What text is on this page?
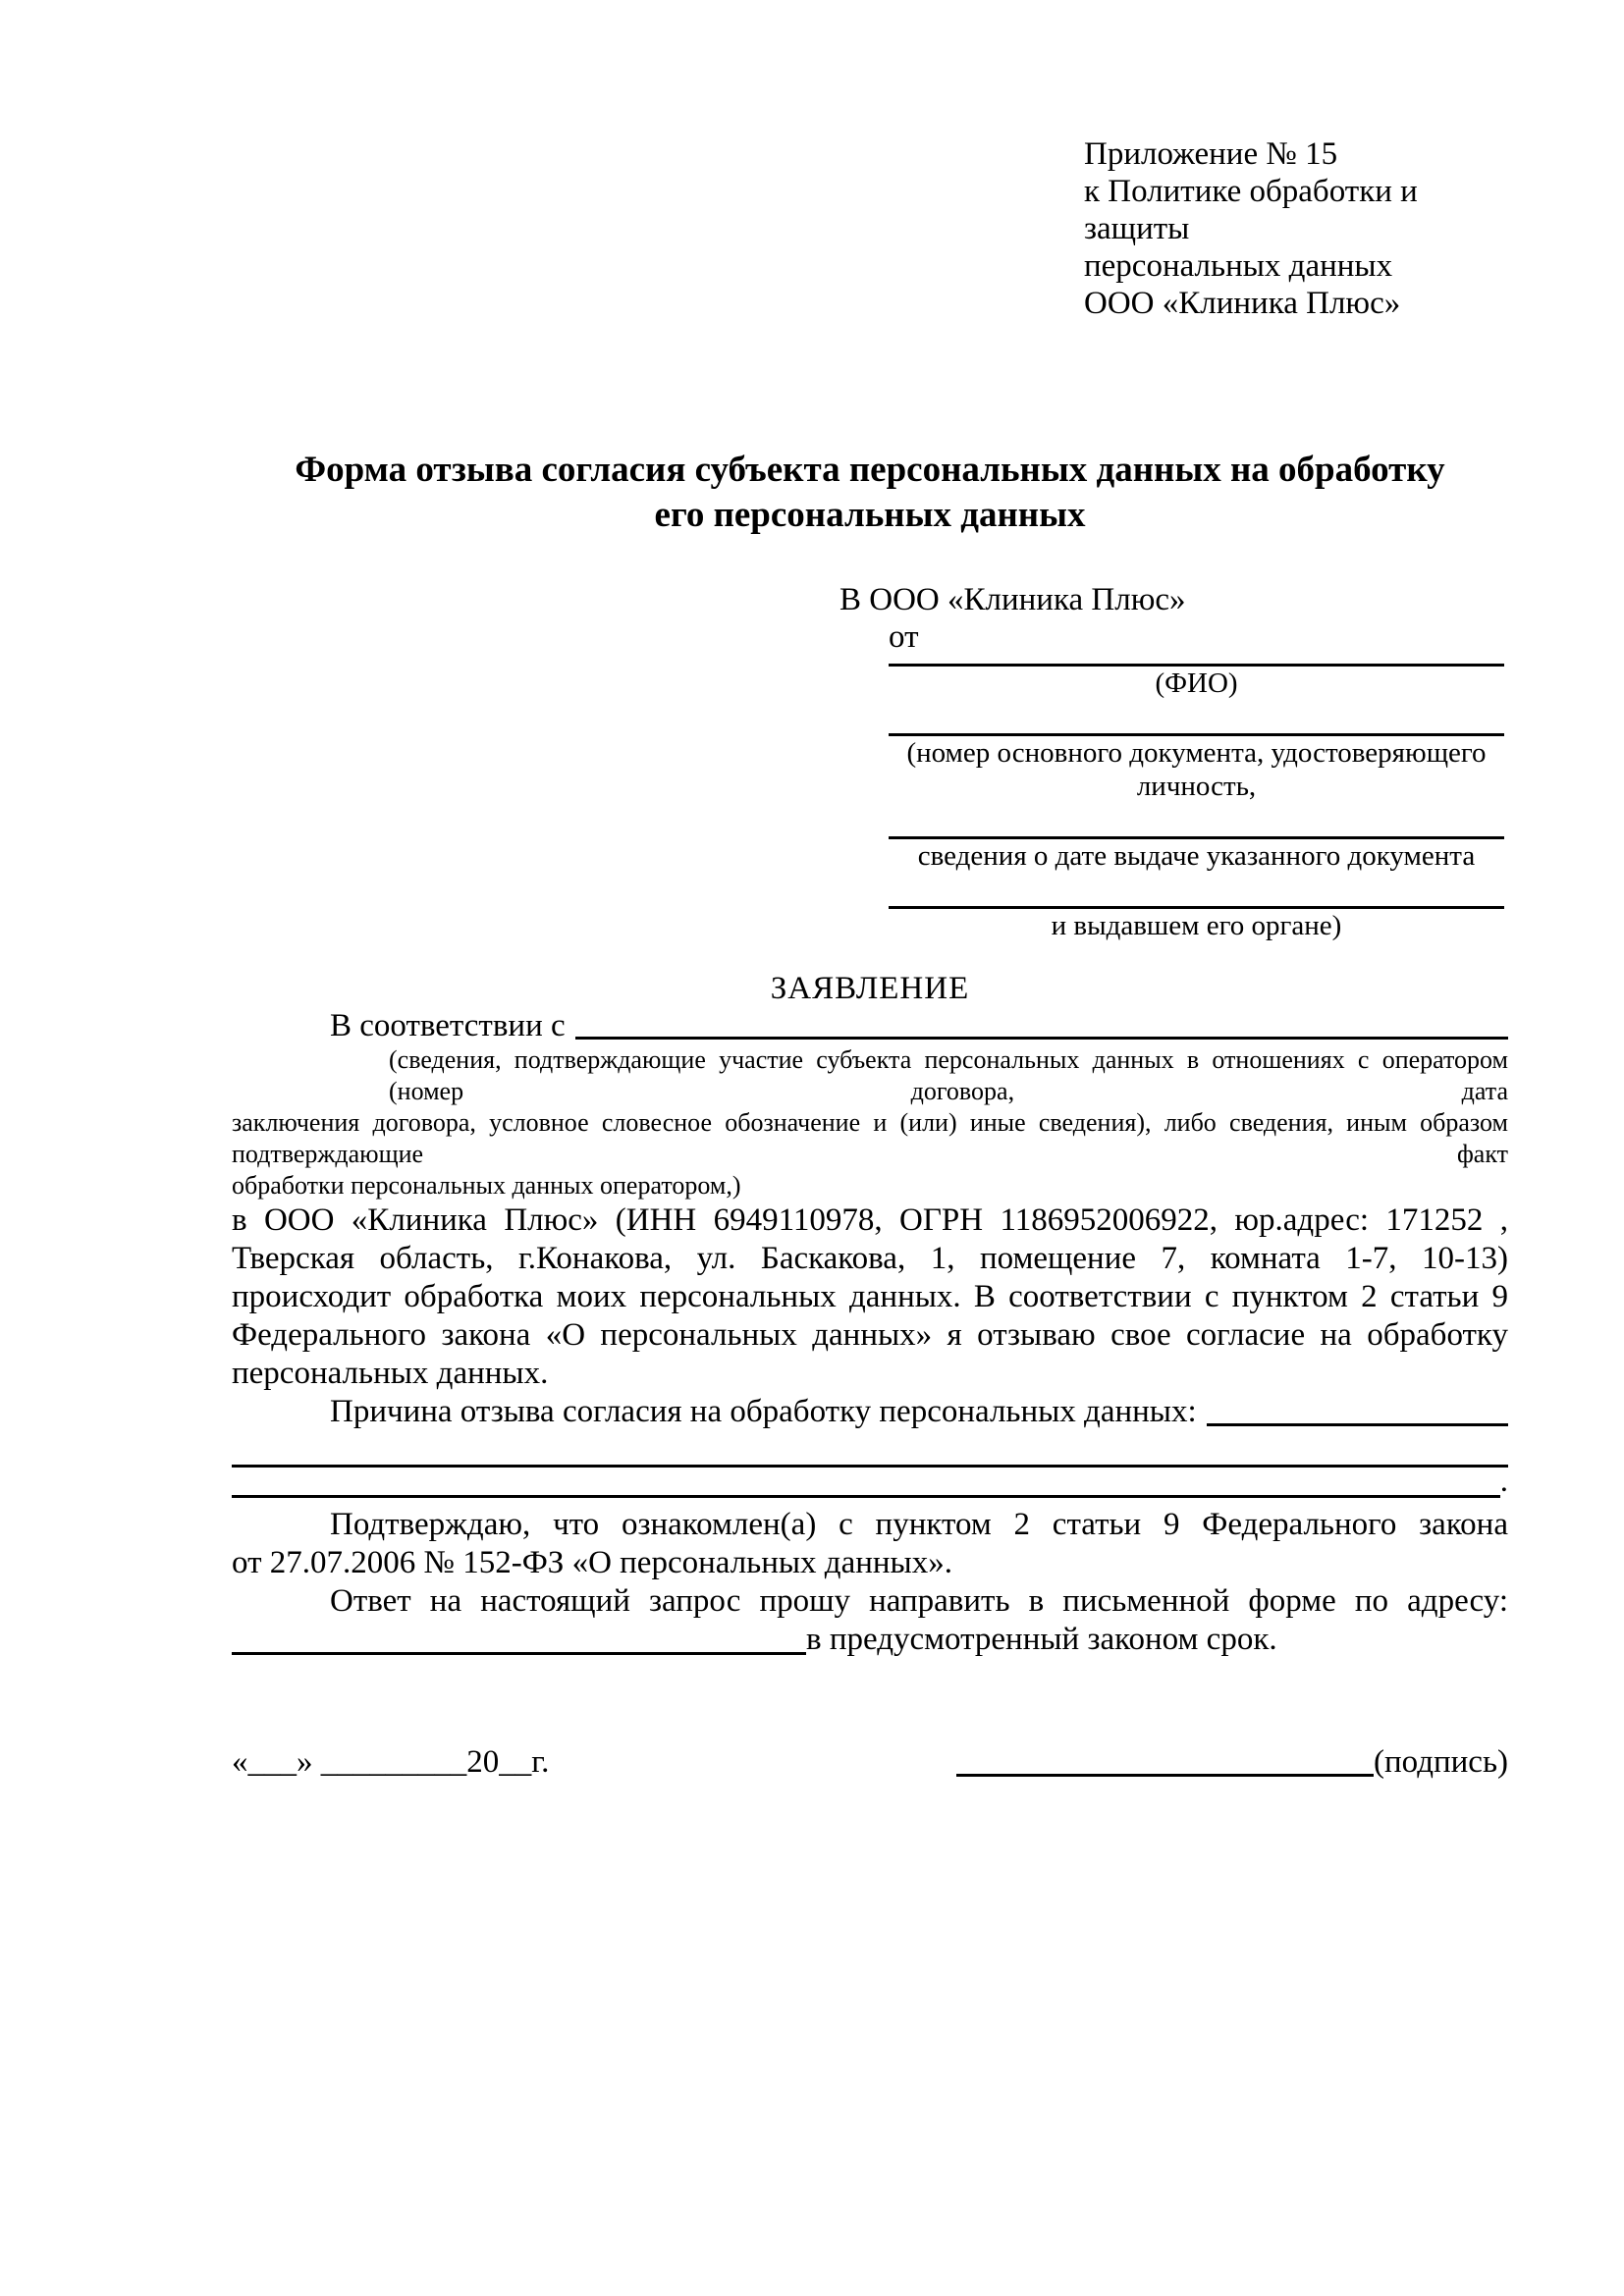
Приложение № 15
к Политике обработки и защиты
персональных данных
ООО «Клиника Плюс»
Форма отзыва согласия субъекта персональных данных на обработку
его персональных данных
В ООО «Клиника Плюс»
от
(ФИО)
(номер основного документа, удостоверяющего личность,
сведения о дате выдаче указанного документа
и выдавшем его органе)
ЗАЯВЛЕНИЕ
В соответствии с
(сведения, подтверждающие участие субъекта персональных данных в отношениях с оператором (номер договора, дата
заключения договора, условное словесное обозначение и (или) иные сведения), либо сведения, иным образом подтверждающие факт
обработки персональных данных оператором,)
в ООО «Клиника Плюс» (ИНН 6949110978, ОГРН 1186952006922, юр.адрес: 171252 ,
Тверская область, г.Конакова, ул. Баскакова, 1, помещение 7, комната 1-7, 10-13)
происходит обработка моих персональных данных. В соответствии с пунктом 2 статьи 9
Федерального закона «О персональных данных» я отзываю свое согласие на обработку
персональных данных.
Причина отзыва согласия на обработку персональных данных:
.
Подтверждаю, что ознакомлен(а) с пунктом 2 статьи 9 Федерального закона
от 27.07.2006 № 152-ФЗ «О персональных данных».
Ответ на настоящий запрос прошу направить в письменной форме по адресу:
в предусмотренный законом срок.
«___» _________20__г.	(подпись)
